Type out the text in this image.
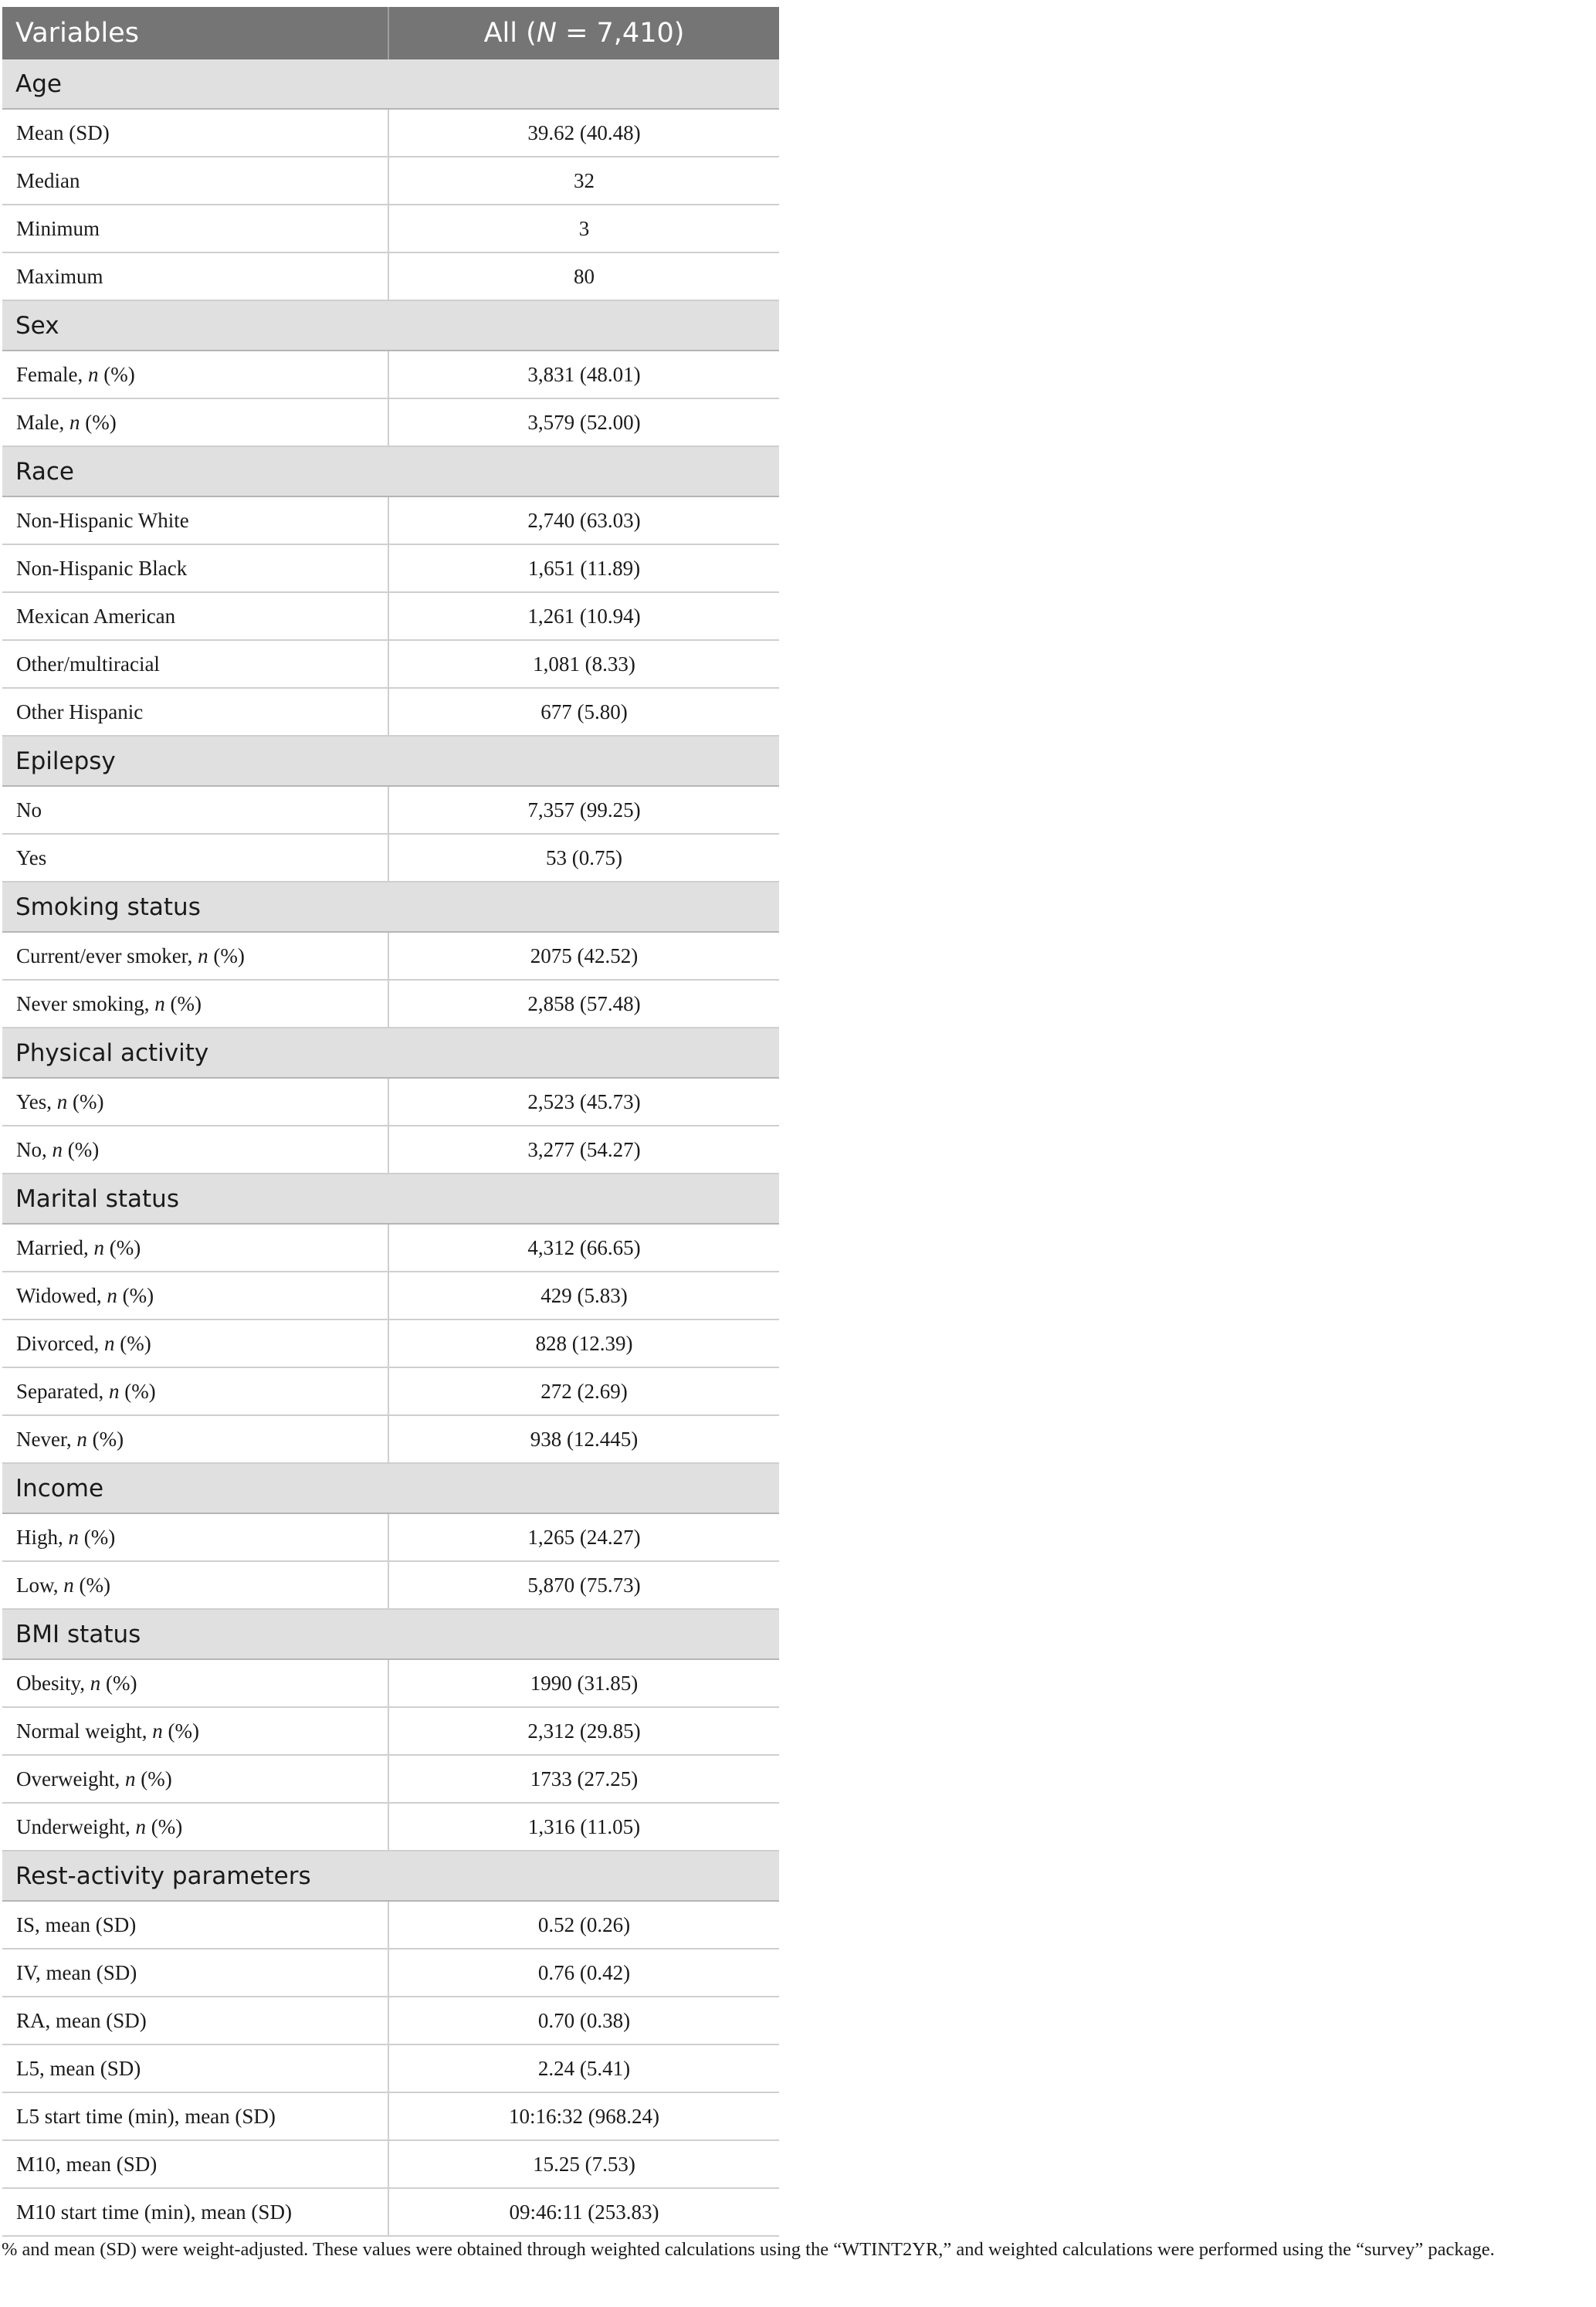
Variables	All (N = 7,410)
Age	
Mean (SD)	39.62 (40.48)
Median	32
Minimum	3
Maximum	80
Sex	
Female, n (%)	3,831 (48.01)
Male, n (%)	3,579 (52.00)
Race	
Non-Hispanic White	2,740 (63.03)
Non-Hispanic Black	1,651 (11.89)
Mexican American	1,261 (10.94)
Other/multiracial	1,081 (8.33)
Other Hispanic	677 (5.80)
Epilepsy	
No	7,357 (99.25)
Yes	53 (0.75)
Smoking status	
Current/ever smoker, n (%)	2075 (42.52)
Never smoking, n (%)	2,858 (57.48)
Physical activity	
Yes, n (%)	2,523 (45.73)
No, n (%)	3,277 (54.27)
Marital status	
Married, n (%)	4,312 (66.65)
Widowed, n (%)	429 (5.83)
Divorced, n (%)	828 (12.39)
Separated, n (%)	272 (2.69)
Never, n (%)	938 (12.445)
Income	
High, n (%)	1,265 (24.27)
Low, n (%)	5,870 (75.73)
BMI status	
Obesity, n (%)	1990 (31.85)
Normal weight, n (%)	2,312 (29.85)
Overweight, n (%)	1733 (27.25)
Underweight, n (%)	1,316 (11.05)
Rest-activity parameters	
IS, mean (SD)	0.52 (0.26)
IV, mean (SD)	0.76 (0.42)
RA, mean (SD)	0.70 (0.38)
L5, mean (SD)	2.24 (5.41)
L5 start time (min), mean (SD)	10:16:32 (968.24)
M10, mean (SD)	15.25 (7.53)
M10 start time (min), mean (SD)	09:46:11 (253.83)

% and mean (SD) were weight-adjusted. These values were obtained through weighted calculations using the “WTINT2YR,” and weighted calculations were performed using the “survey” package.
